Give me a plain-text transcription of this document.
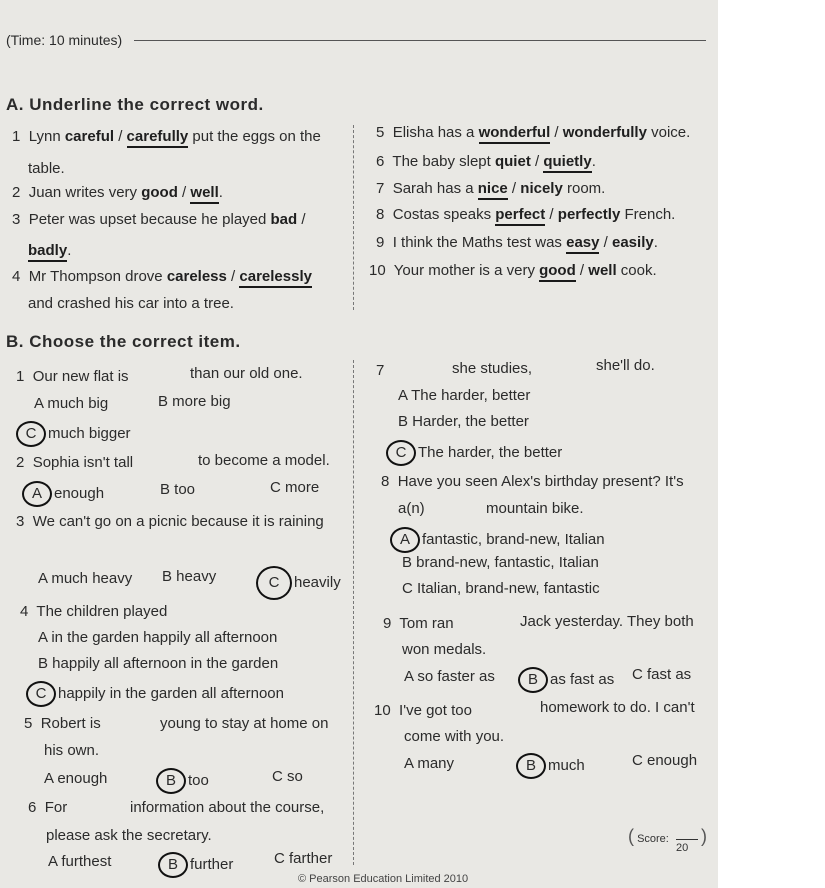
(Time: 10 minutes)
A. Underline the correct word.
1 Lynn careful / carefully put the eggs on the
table.
2 Juan writes very good / well.
3 Peter was upset because he played bad /
badly.
4 Mr Thompson drove careless / carelessly
and crashed his car into a tree.
5 Elisha has a wonderful / wonderfully voice.
6 The baby slept quiet / quietly.
7 Sarah has a nice / nicely room.
8 Costas speaks perfect / perfectly French.
9 I think the Maths test was easy / easily.
10 Your mother is a very good / well cook.
B. Choose the correct item.
1 Our new flat is	than our old one.
A much big	B more big
C much bigger
2 Sophia isn't tall	to become a model.
A enough	B too	C more
3 We can't go on a picnic because it is raining
A much heavy B heavy	C heavily
4 The children played
A in the garden happily all afternoon
B happily all afternoon in the garden
C happily in the garden all afternoon
5 Robert is	young to stay at home on
his own.
A enough	B too	C so
6 For	information about the course,
please ask the secretary.
A furthest	B further	C farther
7	she studies,	she'll do.
A The harder, better
B Harder, the better
C The harder, the better
8 Have you seen Alex's birthday present? It's
a(n)	mountain bike.
A fantastic, brand-new, Italian
B brand-new, fantastic, Italian
C Italian, brand-new, fantastic
9 Tom ran	Jack yesterday. They both
won medals.
A so faster as B as fast as C fast as
10 I've got too	homework to do. I can't
come with you.
A many	B much	C enough
( Score: )
20
© Pearson Education Limited 2010
